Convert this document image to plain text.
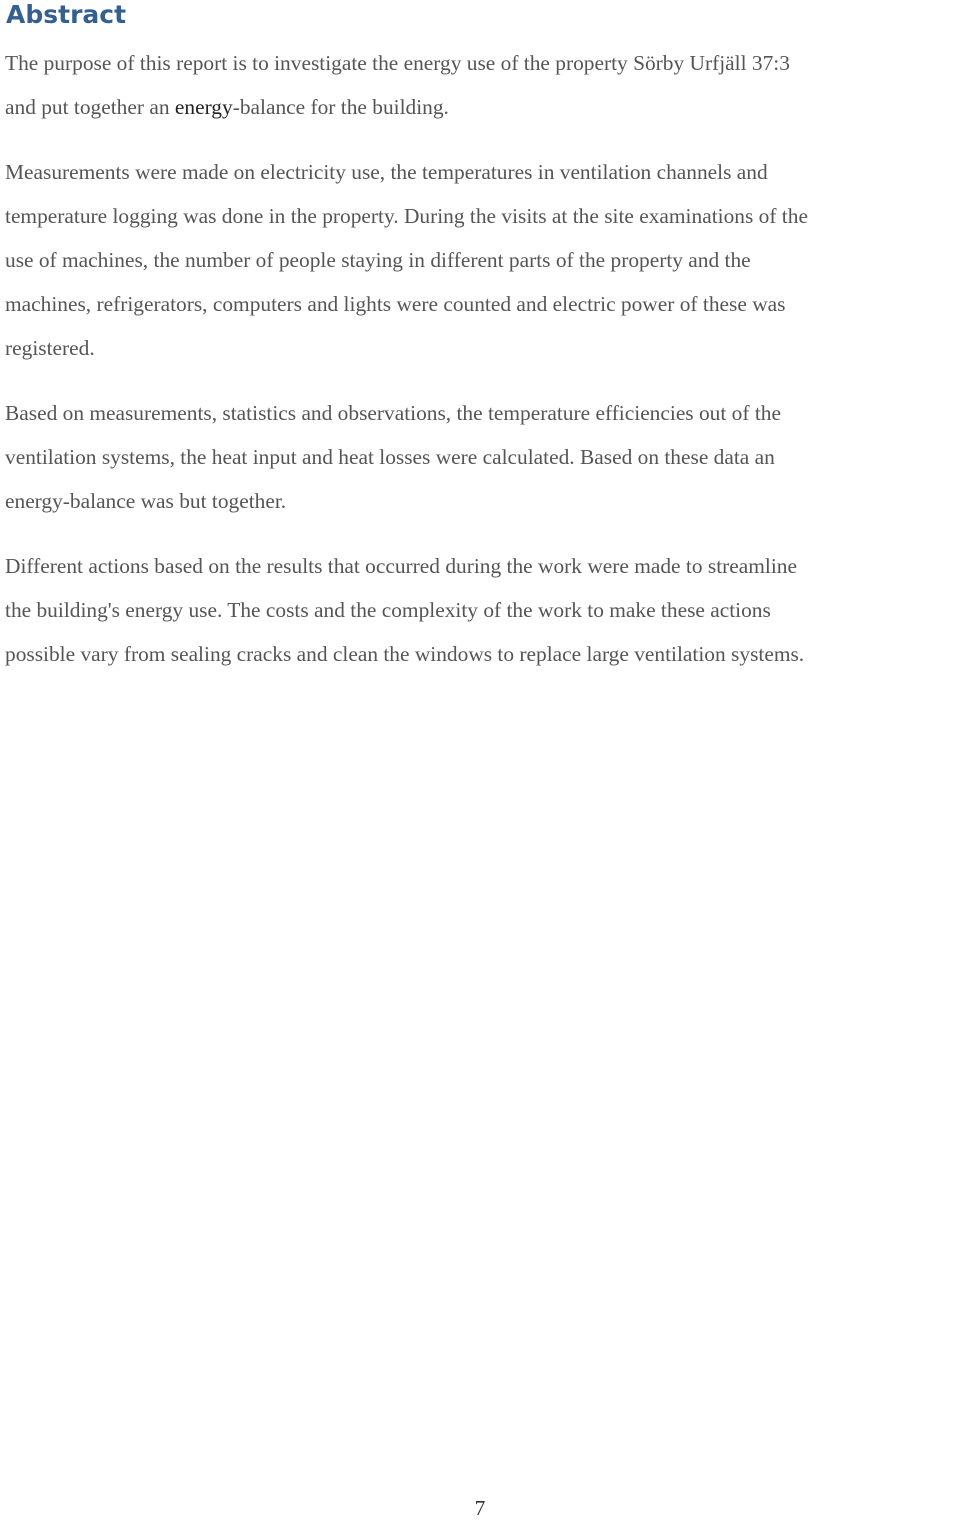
Abstract

The purpose of this report is to investigate the energy use of the property Sörby Urfjäll 37:3
and put together an energy-balance for the building.

Measurements were made on electricity use, the temperatures in ventilation channels and
temperature logging was done in the property. During the visits at the site examinations of the
use of machines, the number of people staying in different parts of the property and the
machines, refrigerators, computers and lights were counted and electric power of these was
registered.

Based on measurements, statistics and observations, the temperature efficiencies out of the
ventilation systems, the heat input and heat losses were calculated. Based on these data an
energy-balance was but together.

Different actions based on the results that occurred during the work were made to streamline
the building's energy use. The costs and the complexity of the work to make these actions
possible vary from sealing cracks and clean the windows to replace large ventilation systems.

7
